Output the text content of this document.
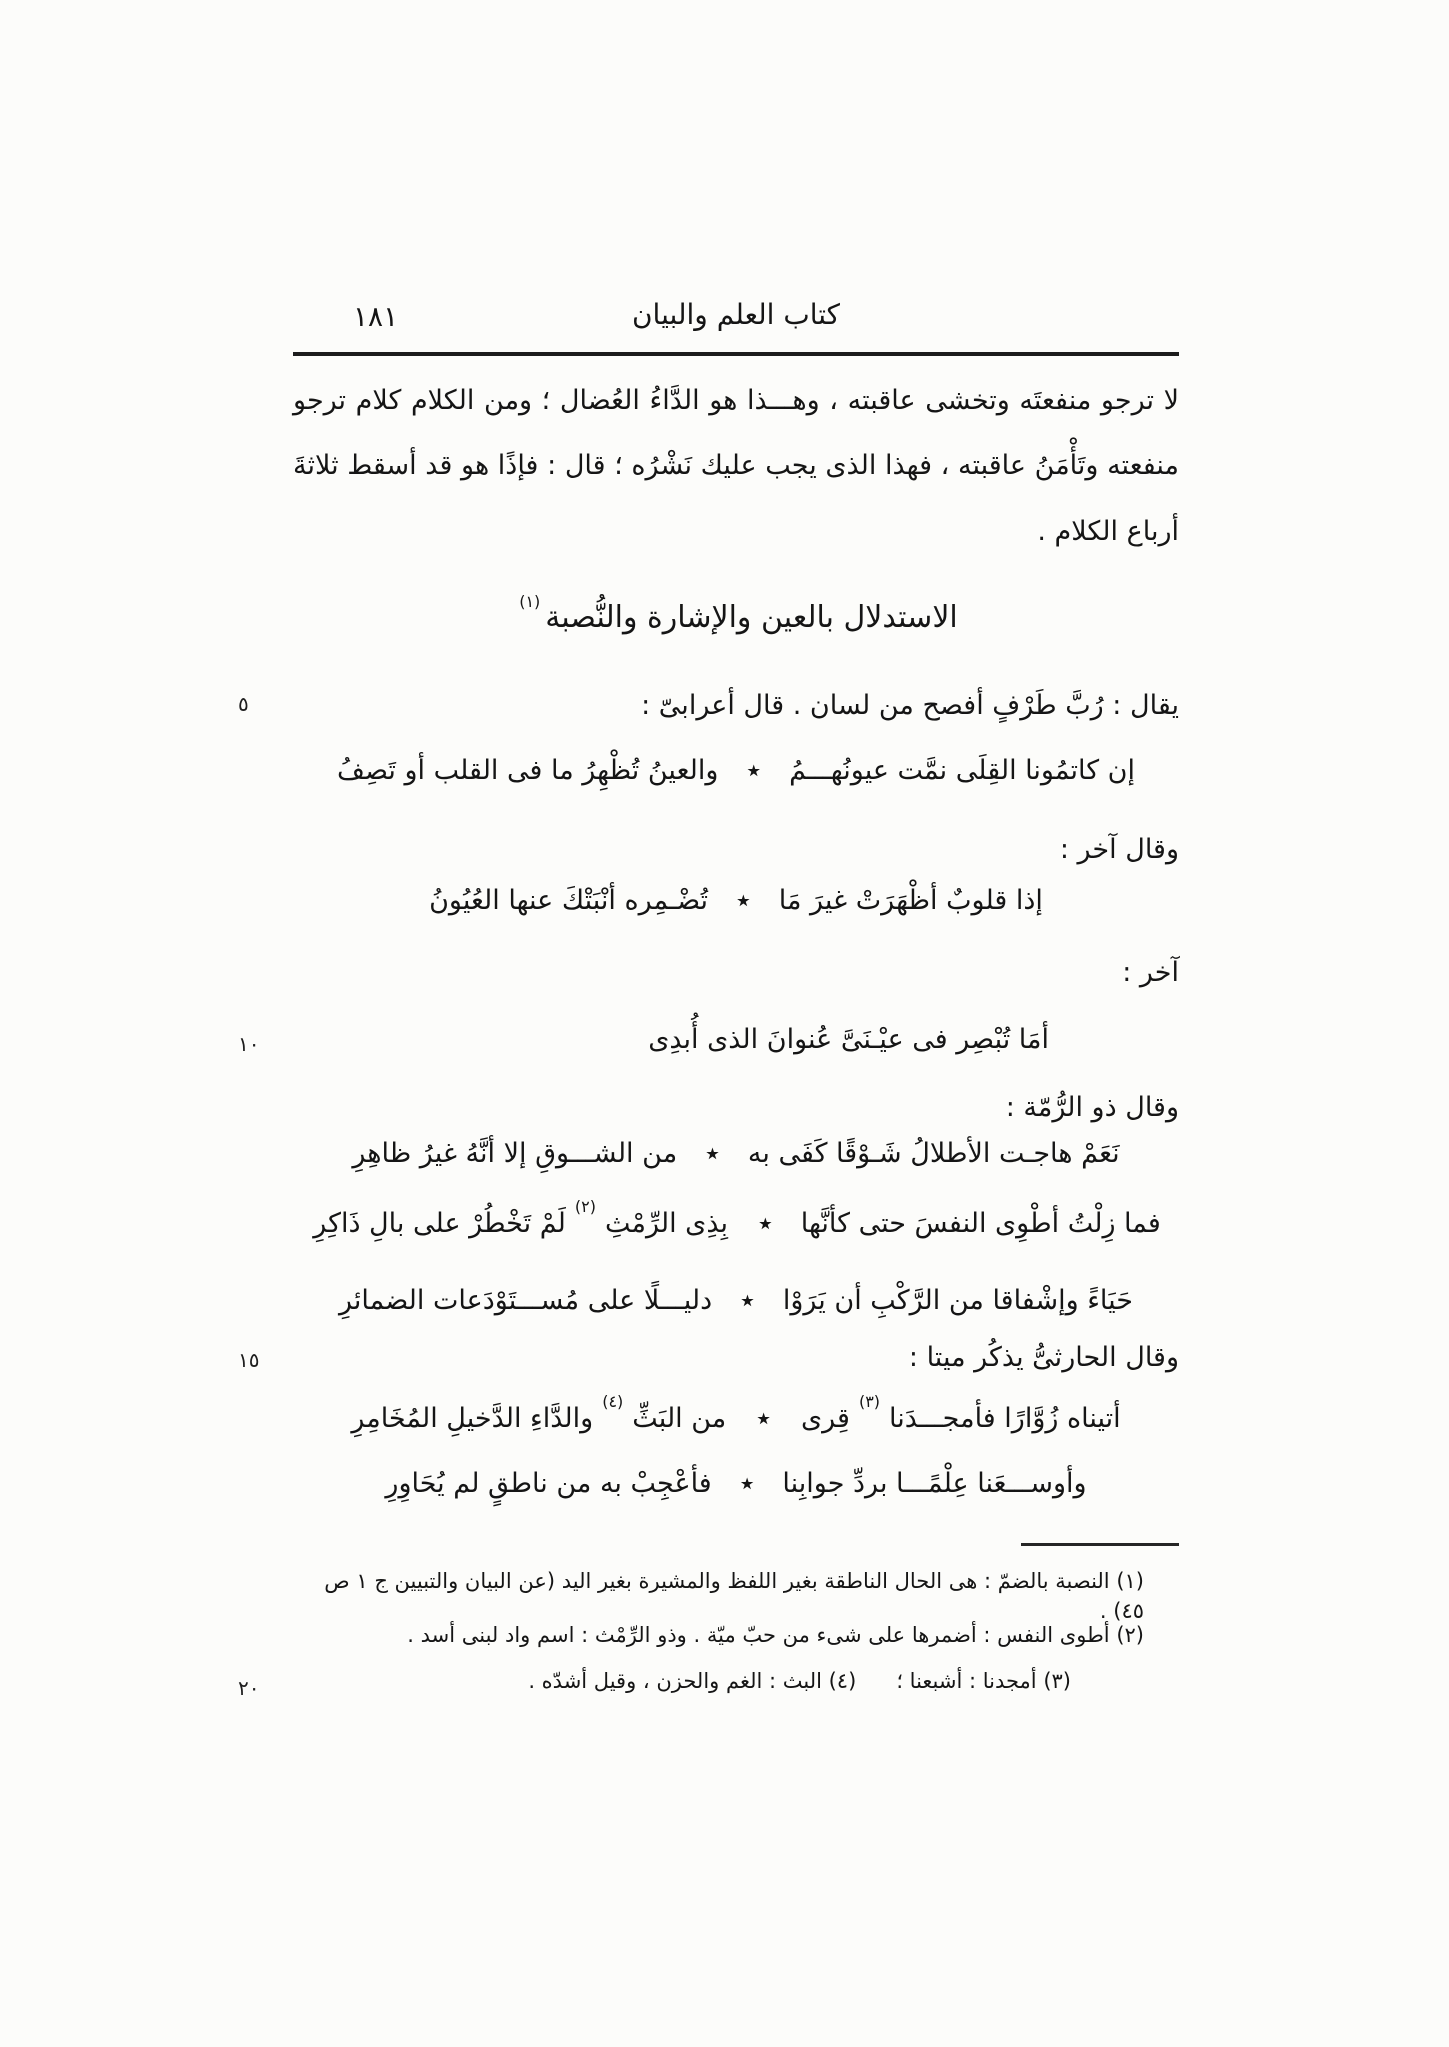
٥
١٠
١٥
٢٠
١٨١	كتاب العلم والبيان
لا ترجو منفعتَه وتخشى عاقبته ، وهـــذا هو الدَّاءُ العُضال ؛ ومن الكلام كلام ترجو
منفعته وتَأْمَنُ عاقبته ، فهذا الذى يجب عليك نَشْرُه ؛ قال : فإذًا هو قد أسقط ثلاثةَ
أرباع الكلام .
الاستدلال بالعين والإشارة والنُّصبة(١)
يقال : رُبَّ طَرْفٍ أفصح من لسان . قال أعرابىّ :
إن كاتمُونا القِلَى نمَّت عيونُهـــمُ
٭
والعينُ تُظْهِرُ ما فى القلب أو تَصِفُ
وقال آخر :
إذا قلوبٌ أظْهَرَتْ غيرَ مَا
٭
تُضْـمِره أنْبَتْكَ عنها العُيُونُ
آخر :
أمَا تُبْصِر فى عيْـنَىَّ عُنوانَ الذى أُبدِى
وقال ذو الرُّمّة :
نَعَمْ هاجـت الأطلالُ شَـوْقًا كَفَى به
٭
من الشـــوقِ إلا أنَّهُ غيرُ ظاهِرِ
فما زِلْتُ أطْوِى النفسَ حتى كأنَّها
٭
بِذِى الرِّمْثِ(٢)لَمْ تَخْطُرْ على بالِ ذَاكِرِ
حَيَاءً وإشْفاقا من الرَّكْبِ أن يَرَوْا
٭
دليـــلًا على مُســـتَوْدَعات الضمائرِ
وقال الحارثىُّ يذكُر ميتا :
أتيناه زُوَّارًا فأمجـــدَنا(٣)قِرى
٭
من البَثِّ(٤)والدَّاءِ الدَّخيلِ المُخَامِرِ
وأوســـعَنا عِلْمًـــا بردِّ جوابِنا
٭
فأعْجِبْ به من ناطقٍ لم يُحَاوِرِ
(١) النصبة بالضمّ : هى الحال الناطقة بغير اللفظ والمشيرة بغير اليد (عن البيان والتبيين ج ١ ص ٤٥) .
(٢) أطوى النفس : أضمرها على شىء من حبّ ميّة . وذو الرِّمْث : اسم واد لبنى أسد .
(٣) أمجدنا : أشبعنا ؛      (٤) البث : الغم والحزن ، وقيل أشدّه .
